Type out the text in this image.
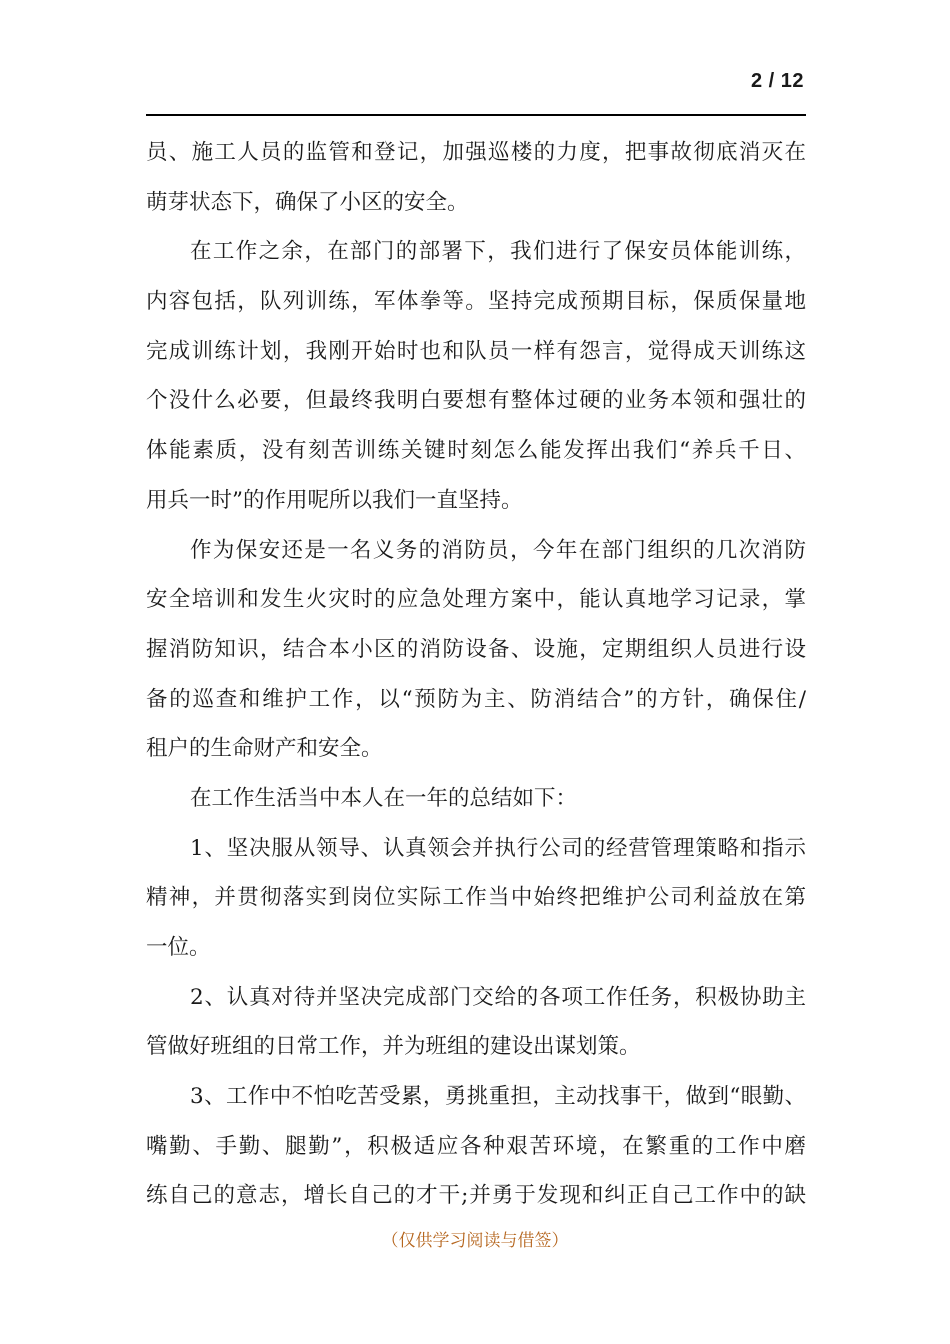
2 / 12
员、施工人员的监管和登记，加强巡楼的力度，把事故彻底消灭在
萌芽状态下，确保了小区的安全。
在工作之余，在部门的部署下，我们进行了保安员体能训练，
内容包括，队列训练，军体拳等。坚持完成预期目标，保质保量地
完成训练计划，我刚开始时也和队员一样有怨言，觉得成天训练这
个没什么必要，但最终我明白要想有整体过硬的业务本领和强壮的
体能素质，没有刻苦训练关键时刻怎么能发挥出我们“养兵千日、
用兵一时”的作用呢所以我们一直坚持。
作为保安还是一名义务的消防员，今年在部门组织的几次消防
安全培训和发生火灾时的应急处理方案中，能认真地学习记录，掌
握消防知识，结合本小区的消防设备、设施，定期组织人员进行设
备的巡查和维护工作，以“预防为主、防消结合”的方针，确保住/
租户的生命财产和安全。
在工作生活当中本人在一年的总结如下：
1、坚决服从领导、认真领会并执行公司的经营管理策略和指示
精神，并贯彻落实到岗位实际工作当中始终把维护公司利益放在第
一位。
2、认真对待并坚决完成部门交给的各项工作任务，积极协助主
管做好班组的日常工作，并为班组的建设出谋划策。
3、工作中不怕吃苦受累，勇挑重担，主动找事干，做到“眼勤、
嘴勤、手勤、腿勤”，积极适应各种艰苦环境，在繁重的工作中磨
练自己的意志，增长自己的才干;并勇于发现和纠正自己工作中的缺
（仅供学习阅读与借签）
